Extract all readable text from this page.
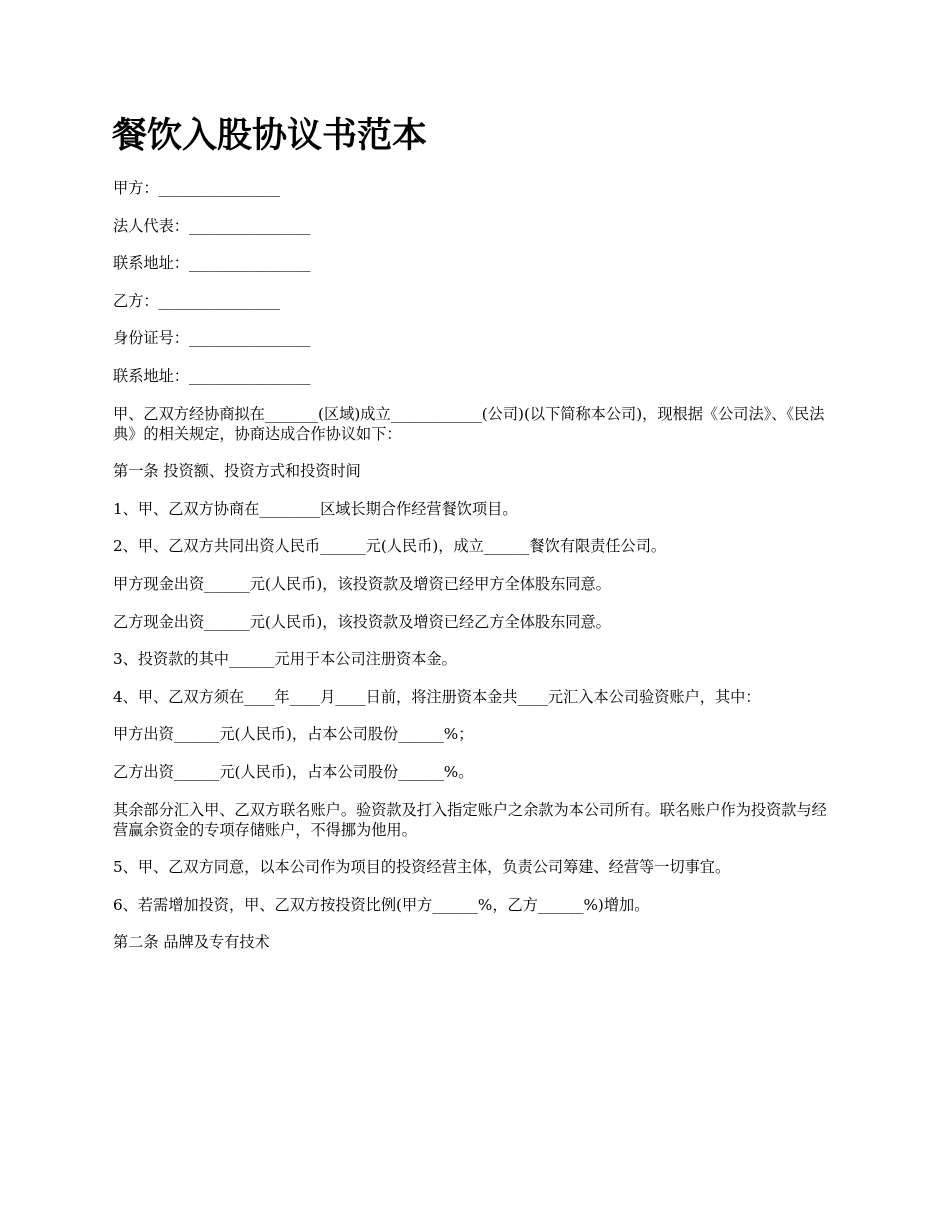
餐饮入股协议书范本

甲方：________________

法人代表：________________

联系地址：________________

乙方：________________

身份证号：________________

联系地址：________________

甲、乙双方经协商拟在_______(区域)成立____________(公司)(以下简称本公司)，现根据《公司法》、《民法典》的相关规定，协商达成合作协议如下：

第一条 投资额、投资方式和投资时间

1、甲、乙双方协商在________区域长期合作经营餐饮项目。

2、甲、乙双方共同出资人民币______元(人民币)，成立______餐饮有限责任公司。

甲方现金出资______元(人民币)，该投资款及增资已经甲方全体股东同意。

乙方现金出资______元(人民币)，该投资款及增资已经乙方全体股东同意。

3、投资款的其中______元用于本公司注册资本金。

4、甲、乙双方须在____年____月____日前，将注册资本金共____元汇入本公司验资账户，其中：

甲方出资______元(人民币)，占本公司股份______%；

乙方出资______元(人民币)，占本公司股份______%。

其余部分汇入甲、乙双方联名账户。验资款及打入指定账户之余款为本公司所有。联名账户作为投资款与经营赢余资金的专项存储账户，不得挪为他用。

5、甲、乙双方同意，以本公司作为项目的投资经营主体，负责公司筹建、经营等一切事宜。

6、若需增加投资，甲、乙双方按投资比例(甲方______%，乙方______%)增加。

第二条 品牌及专有技术
